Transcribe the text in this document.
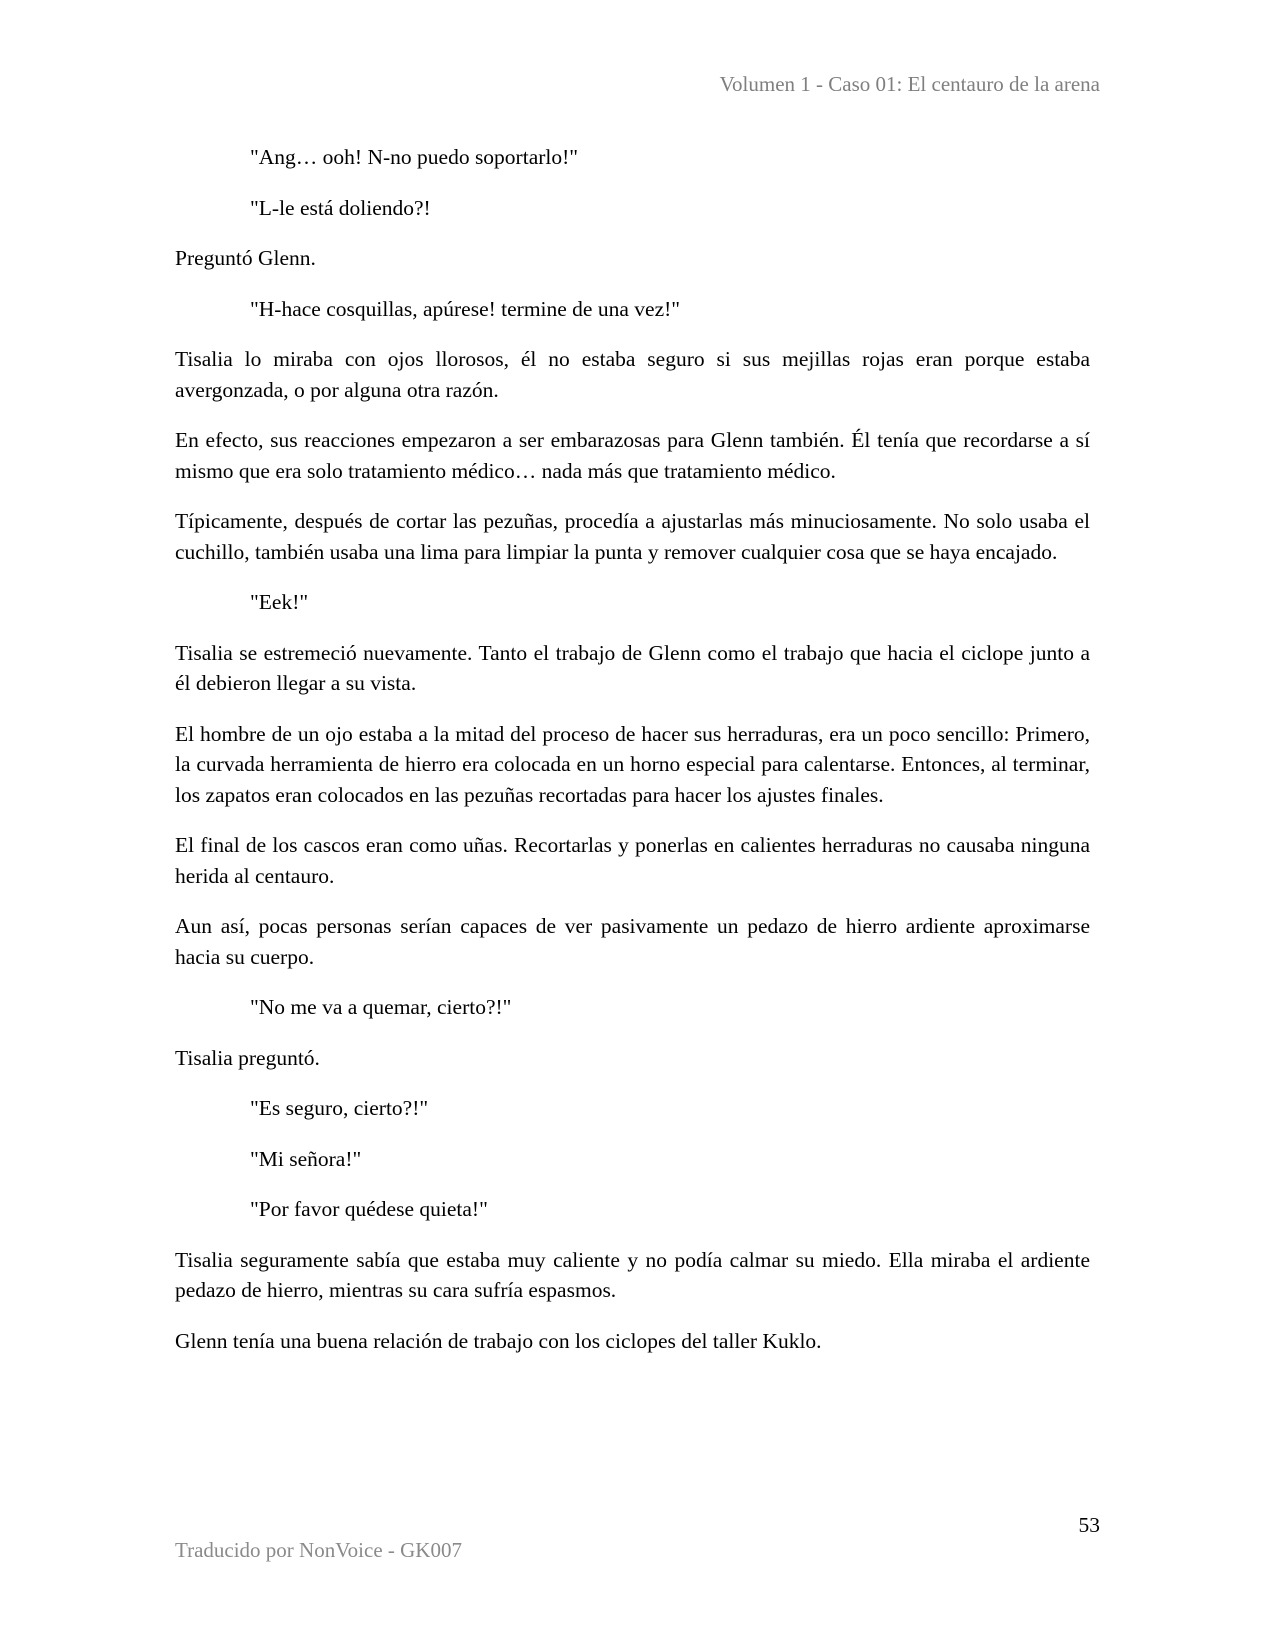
Volumen 1 - Caso 01: El centauro de la arena

"Ang… ooh! N-no puedo soportarlo!"

"L-le está doliendo?!

Preguntó Glenn.

"H-hace cosquillas, apúrese! termine de una vez!"

Tisalia lo miraba con ojos llorosos, él no estaba seguro si sus mejillas rojas eran porque estaba avergonzada, o por alguna otra razón.

En efecto, sus reacciones empezaron a ser embarazosas para Glenn también. Él tenía que recordarse a sí mismo que era solo tratamiento médico… nada más que tratamiento médico.

Típicamente, después de cortar las pezuñas, procedía a ajustarlas más minuciosamente. No solo usaba el cuchillo, también usaba una lima para limpiar la punta y remover cualquier cosa que se haya encajado.

"Eek!"

Tisalia se estremeció nuevamente. Tanto el trabajo de Glenn como el trabajo que hacia el ciclope junto a él debieron llegar a su vista.

El hombre de un ojo estaba a la mitad del proceso de hacer sus herraduras, era un poco sencillo: Primero, la curvada herramienta de hierro era colocada en un horno especial para calentarse. Entonces, al terminar, los zapatos eran colocados en las pezuñas recortadas para hacer los ajustes finales.

El final de los cascos eran como uñas. Recortarlas y ponerlas en calientes herraduras no causaba ninguna herida al centauro.

Aun así, pocas personas serían capaces de ver pasivamente un pedazo de hierro ardiente aproximarse hacia su cuerpo.

"No me va a quemar, cierto?!"

Tisalia preguntó.

"Es seguro, cierto?!"

"Mi señora!"

"Por favor quédese quieta!"

Tisalia seguramente sabía que estaba muy caliente y no podía calmar su miedo. Ella miraba el ardiente pedazo de hierro, mientras su cara sufría espasmos.

Glenn tenía una buena relación de trabajo con los ciclopes del taller Kuklo.

53
Traducido por NonVoice - GK007
